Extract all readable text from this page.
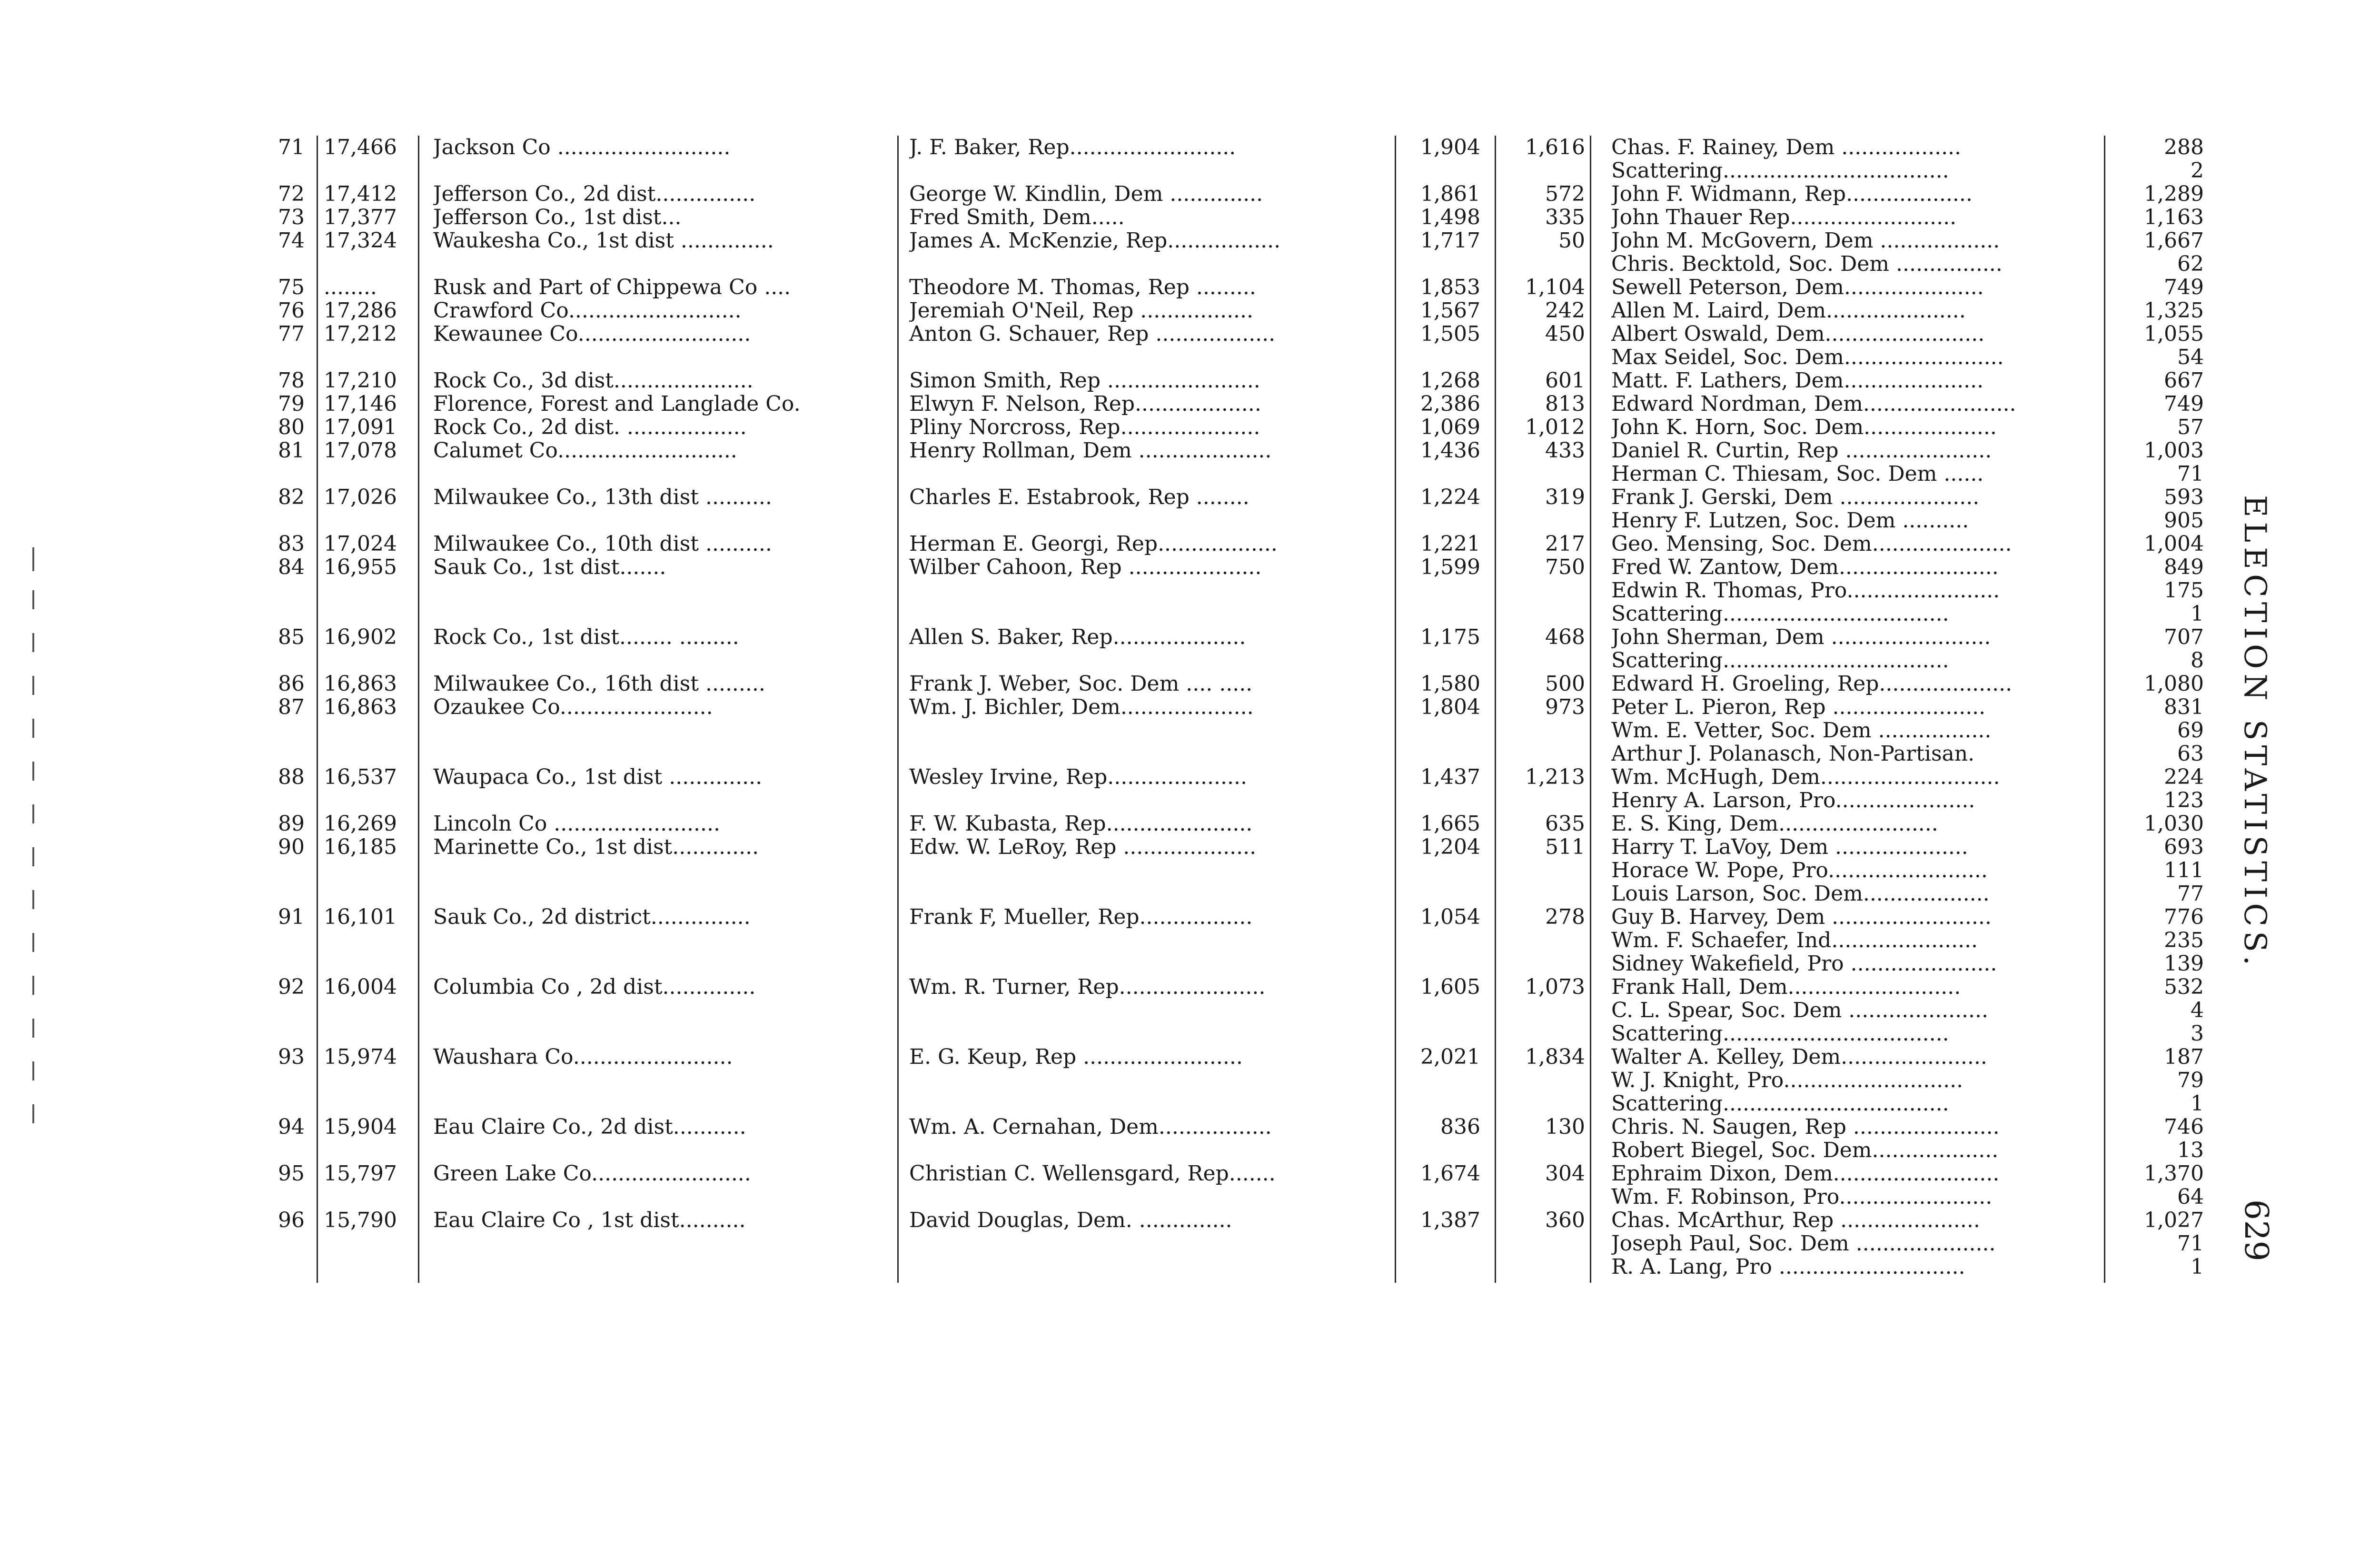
ELECTION STATISTICS.
629
71 17,466	Jackson Co ..........................	J. F. Baker, Rep.........................	1,904	1,616 Chas. F. Rainey, Dem ..................	288
Scattering..................................	2
72 17,412	Jefferson Co., 2d dist...............	George W. Kindlin, Dem ..............	1,861	572 John F. Widmann, Rep...................	1,289
73 17,377	Jefferson Co., 1st dist...	Fred Smith, Dem.....	1,498	335 John Thauer Rep.........................	1,163
74 17,324	Waukesha Co., 1st dist ..............	James A. McKenzie, Rep.................	1,717	50 John M. McGovern, Dem ..................	1,667
Chris. Becktold, Soc. Dem ................	62
75 ........	Rusk and Part of Chippewa Co ....	Theodore M. Thomas, Rep .........	1,853	1,104 Sewell Peterson, Dem.....................	749
76 17,286	Crawford Co..........................	Jeremiah O'Neil, Rep .................	1,567	242 Allen M. Laird, Dem.....................	1,325
77 17,212	Kewaunee Co..........................	Anton G. Schauer, Rep ..................	1,505	450 Albert Oswald, Dem........................	1,055
Max Seidel, Soc. Dem........................	54
78 17,210	Rock Co., 3d dist.....................	Simon Smith, Rep .......................	1,268	601 Matt. F. Lathers, Dem.....................	667
79 17,146	Florence, Forest and Langlade Co.	Elwyn F. Nelson, Rep...................	2,386	813 Edward Nordman, Dem.......................	749
80 17,091	Rock Co., 2d dist. ..................	Pliny Norcross, Rep.....................	1,069	1,012 John K. Horn, Soc. Dem....................	57
81 17,078	Calumet Co...........................	Henry Rollman, Dem ....................	1,436	433 Daniel R. Curtin, Rep ......................	1,003
Herman C. Thiesam, Soc. Dem ......	71
82 17,026	Milwaukee Co., 13th dist ..........	Charles E. Estabrook, Rep ........	1,224	319 Frank J. Gerski, Dem .....................	593
Henry F. Lutzen, Soc. Dem ..........	905
83 17,024	Milwaukee Co., 10th dist ..........	Herman E. Georgi, Rep..................	1,221	217 Geo. Mensing, Soc. Dem.....................	1,004
84 16,955	Sauk Co., 1st dist.......	Wilber Cahoon, Rep ....................	1,599	750 Fred W. Zantow, Dem........................	849
Edwin R. Thomas, Pro.......................	175
Scattering..................................	1
85 16,902	Rock Co., 1st dist........ .........	Allen S. Baker, Rep....................	1,175	468 John Sherman, Dem ........................	707
Scattering..................................	8
86 16,863	Milwaukee Co., 16th dist .........	Frank J. Weber, Soc. Dem .... .....	1,580	500 Edward H. Groeling, Rep....................	1,080
87 16,863	Ozaukee Co.......................	Wm. J. Bichler, Dem....................	1,804	973 Peter L. Pieron, Rep .......................	831
Wm. E. Vetter, Soc. Dem .................	69
Arthur J. Polanasch, Non-Partisan.	63
88 16,537	Waupaca Co., 1st dist ..............	Wesley Irvine, Rep.....................	1,437	1,213 Wm. McHugh, Dem...........................	224
Henry A. Larson, Pro.....................	123
89 16,269	Lincoln Co .........................	F. W. Kubasta, Rep......................	1,665	635 E. S. King, Dem........................	1,030
90 16,185	Marinette Co., 1st dist.............	Edw. W. LeRoy, Rep ....................	1,204	511 Harry T. LaVoy, Dem ....................	693
Horace W. Pope, Pro........................	111
Louis Larson, Soc. Dem...................	77
91 16,101	Sauk Co., 2d district...............	Frank F, Mueller, Rep.................	1,054	278 Guy B. Harvey, Dem ........................	776
Wm. F. Schaefer, Ind......................	235
Sidney Wakefield, Pro ......................	139
92 16,004	Columbia Co , 2d dist..............	Wm. R. Turner, Rep......................	1,605	1,073 Frank Hall, Dem..........................	532
C. L. Spear, Soc. Dem .....................	4
Scattering..................................	3
93 15,974	Waushara Co........................	E. G. Keup, Rep ........................	2,021	1,834 Walter A. Kelley, Dem......................	187
W. J. Knight, Pro...........................	79
Scattering..................................	1
94 15,904	Eau Claire Co., 2d dist...........	Wm. A. Cernahan, Dem.................	836	130 Chris. N. Saugen, Rep ......................	746
Robert Biegel, Soc. Dem...................	13
95 15,797	Green Lake Co........................	Christian C. Wellensgard, Rep.......	1,674	304 Ephraim Dixon, Dem.........................	1,370
Wm. F. Robinson, Pro.......................	64
96 15,790	Eau Claire Co , 1st dist..........	David Douglas, Dem. ..............	1,387	360 Chas. McArthur, Rep .....................	1,027
Joseph Paul, Soc. Dem .....................	71
R. A. Lang, Pro ............................	1
